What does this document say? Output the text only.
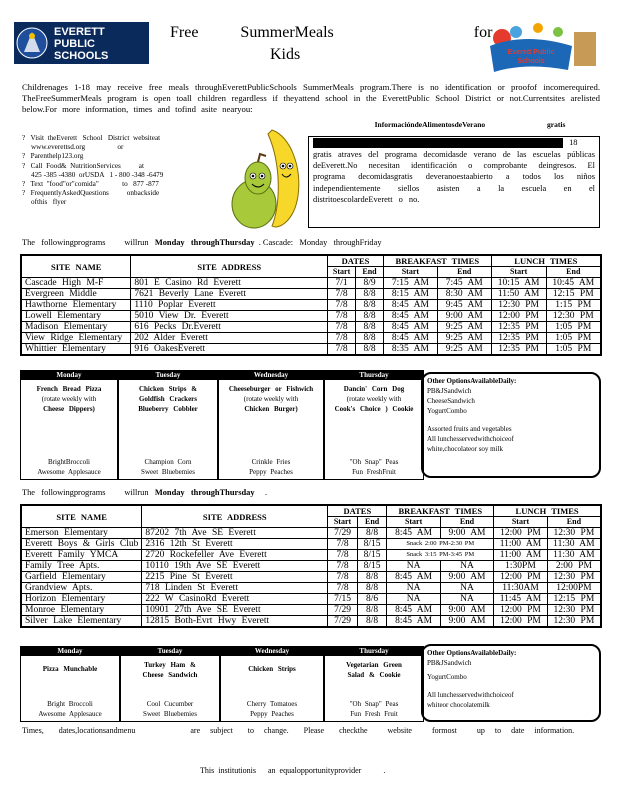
EVERETT
PUBLIC
SCHOOLS
Free   SummerMeals          for
Kids	Everett Public
Schools
MEALS
Childrenages 1-18 may receive free meals throughEverettPublicSchools SummerMeals program.There is no identification or proofof incomerequired. TheFreeSummerMeals program is open toall children regardless if theyattend school in the EverettPublic School District or not.Currentsites arelisted below.For more information, times and tofind asite nearyou:
?   Visit  theEverett   School   District  websiteat
www.everettsd.org                  or
?   Parenthelp123.org
?   Call  Food&  NutritionServices          at
425 -385 -4380  orUSDA   1 - 800 -348 -6479
?   Text  "food"or"comida"             to   877 -877
?   FrequentlyAskedQuestions          onbackside
ofthis   flyer
InformacióndeAlimentosdeVerano gratis
18
gratis atraves del programa decomidasde verano de las escuelas públicas deEverett.No necesitan identificación o comprobante deingresos. El programa decomidasgratis deveranoestaabierto a todos los niños independientemente siellos asisten a la escuela en el distritoescolardeEverett o no.
The   followingprograms         willrun   Monday   throughThursday  . Cascade:   Monday   throughFriday
SITE NAME	SITE ADDRESS	DATES		BREAKFAST TIMES		LUNCH TIMES	
		Start	End	Start	End	Start	End
Cascade High M-F	801 E Casino Rd Everett	7/1	8/9	7:15 AM	7:45 AM	10:15 AM	10:45 AM
Evergreen Middle	7621 Beverly Lane Everett	7/8	8/8	8:15 AM	8:30 AM	11:50 AM	12:15 PM
Hawthorne Elementary	1110 Poplar Everett	7/8	8/8	8:45 AM	9:45 AM	12:30 PM	1:15 PM
Lowell Elementary	5010 View Dr. Everett	7/8	8/8	8:45 AM	9:00 AM	12:00 PM	12:30 PM
Madison Elementary	616 Pecks Dr.Everett	7/8	8/8	8:45 AM	9:25 AM	12:35 PM	1:05 PM
View Ridge Elementary	202 Alder Everett	7/8	8/8	8:45 AM	9:25 AM	12:35 PM	1:05 PM
Whittier Elementary	916 OakesEverett	7/8	8/8	8:35 AM	9:25 AM	12:35 PM	1:05 PM
Monday
French Bread Pizza
(rotate weekly with
Cheese Dippers)
BrightBroccoli
Awesome Applesauce
Tuesday
Chicken Strips &
Goldfish Crackers Blueberry Cobbler
Champion Corn
Sweet Bluebemies
Wednesday
Cheeseburger or Fishwich
(rotate weekly with
Chicken Burger)
Crinkle Fries
Peppy Peaches
Thursday
Dancin' Corn Dog
(rotate weekly with
Cook's Choice ) Cookie
"Oh Snap" Peas
Fun FreshFruit
Other OptionsAvailableDaily:
PB&JSandwich
CheeseSandwich
YogurtCombo
Assorted fruits and vegetables
All lunchesservedwithchoiceof
white,chocolateor soy milk
The   followingprograms         willrun   Monday   throughThursday     .
SITE NAME	SITE ADDRESS	DATES		BREAKFAST TIMES		LUNCH TIMES	
		Start	End	Start	End	Start	End
Emerson Elementary	87202 7th Ave SE Everett	7/29	8/8	8:45 AM	9:00 AM	12:00 PM	12:30 PM
Everett Boys & Girls Club	2316 12th St Everett	7/8	8/15	Snack 2:00 PM-2:30 PM		11:00 AM	11:30 AM
Everett Family YMCA	2720 Rockefeller Ave Everett	7/8	8/15	Snack 3:15 PM-3:45 PM		11:00 AM	11:30 AM
Family Tree Apts.	10110 19th Ave SE Everett	7/8	8/15	NA	NA	1:30PM	2:00 PM
Garfield Elementary	2215 Pine St Everett	7/8	8/8	8:45 AM	9:00 AM	12:00 PM	12:30 PM
Grandview Apts.	718 Linden St Everett	7/8	8/8	NA	NA	11:30AM	12:00PM
Horizon Elementary	222 W CasinoRd Everett	7/15	8/6	NA	NA	11:45 AM	12:15 PM
Monroe Elementary	10901 27th Ave SE Everett	7/29	8/8	8:45 AM	9:00 AM	12:00 PM	12:30 PM
Silver Lake Elementary	12815 Both-Evrt Hwy Everett	7/29	8/8	8:45 AM	9:00 AM	12:00 PM	12:30 PM
Monday
Pizza Munchable
Bright Broccoli
Awesome Applesauce
Tuesday
Turkey Ham &
Cheese Sandwich
Cool Cucumber
Sweet Bluebemies
Wednesday
Chicken Strips
Cherry Tomatoes
Peppy Peaches
Thursday
Vegetarian Green
Salad & Cookie
"Oh Snap" Peas
Fun Fresh Fruit
Other OptionsAvailableDaily:
PB&JSandwich
YogurtCombo
All lunchesservedwithchoiceof
whiteor chocolatemilk
Times,   dates,locationsandmenu           are  subject   to  change.   Please   checkthe    website    formost    up  to  date  information.
This  institutionis      an  equalopportunityprovider           .
